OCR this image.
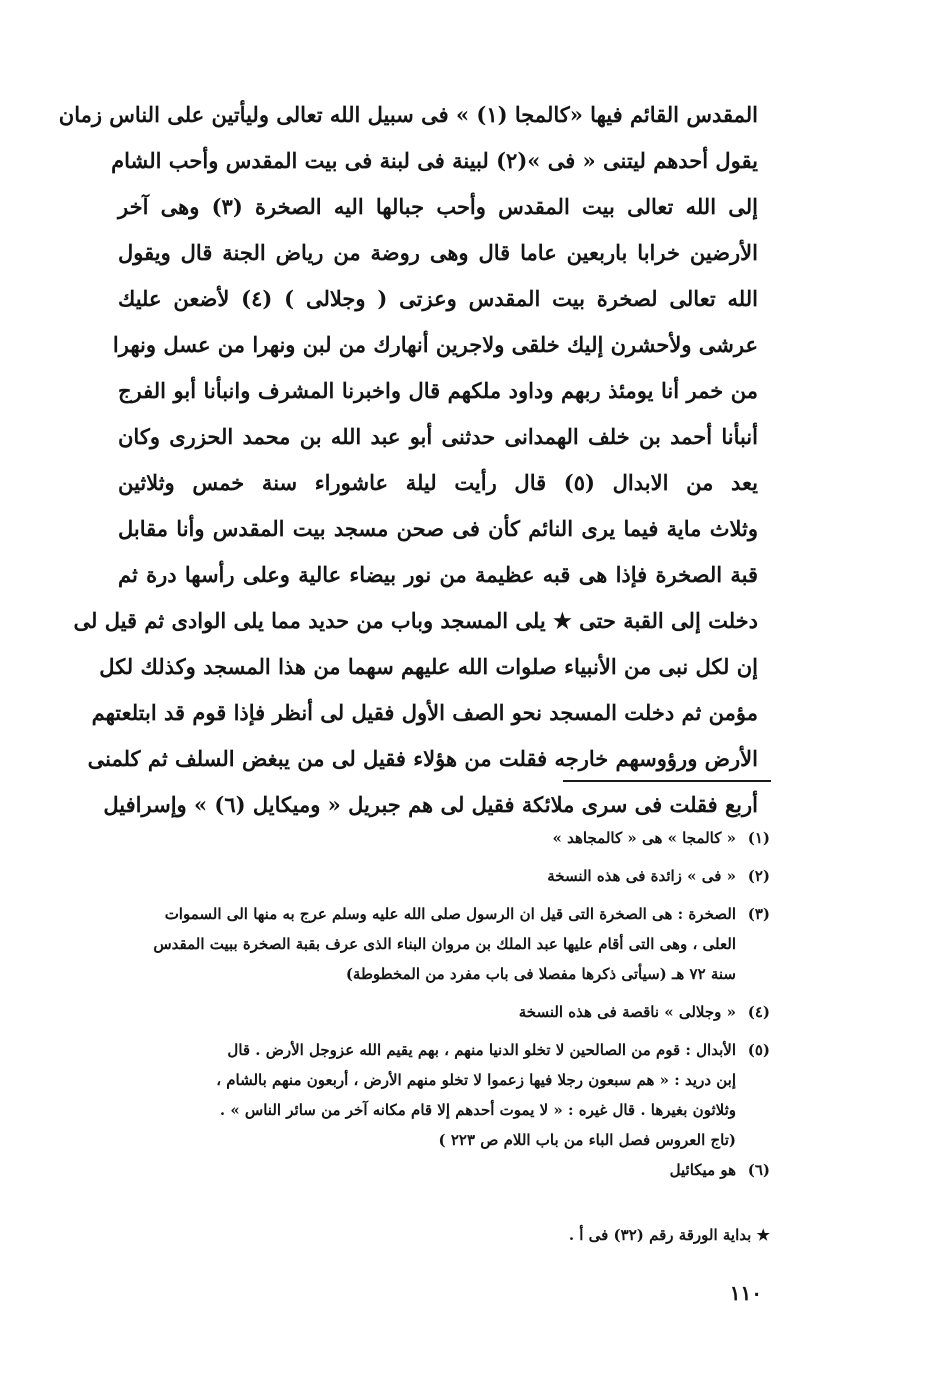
المقدس القائم فيها «كالمجا (١) » فى سبيل الله تعالى وليأتين على الناس زمان
يقول أحدهم ليتنى « فى »(٢) لبينة فى لبنة فى بيت المقدس وأحب الشام
إلى الله تعالى بيت المقدس وأحب جبالها اليه الصخرة (٣) وهى آخر
الأرضين خرابا باربعين عاما قال وهى روضة من رياض الجنة قال ويقول
الله تعالى لصخرة بيت المقدس وعزتى ( وجلالى ) (٤) لأضعن عليك
عرشى ولأحشرن إليك خلقى ولاجرين أنهارك من لبن ونهرا من عسل ونهرا
من خمر أنا يومئذ ربهم وداود ملكهم قال واخبرنا المشرف وانبأنا أبو الفرج
أنبأنا أحمد بن خلف الهمدانى حدثنى أبو عبد الله بن محمد الحزرى وكان
يعد من الابدال (٥) قال رأيت ليلة عاشوراء سنة خمس وثلاثين
وثلاث ماية فيما يرى النائم كأن فى صحن مسجد بيت المقدس وأنا مقابل
قبة الصخرة فإذا هى قبه عظيمة من نور بيضاء عالية وعلى رأسها درة ثم
دخلت إلى القبة حتى ★ يلى المسجد وباب من حديد مما يلى الوادى ثم قيل لى
إن لكل نبى من الأنبياء صلوات الله عليهم سهما من هذا المسجد وكذلك لكل
مؤمن ثم دخلت المسجد نحو الصف الأول فقيل لى أنظر فإذا قوم قد ابتلعتهم
الأرض ورؤوسهم خارجه فقلت من هؤلاء فقيل لى من يبغض السلف ثم كلمنى
أربع فقلت فى سرى ملائكة فقيل لى هم جبريل « وميكايل (٦) » وإسرافيل
(١)
« كالمجا » هى « كالمجاهد »
(٢)
« فى » زائدة فى هذه النسخة
(٣)
الصخرة : هى الصخرة التى قيل ان الرسول صلى الله عليه وسلم عرج به منها الى السموات
العلى ، وهى التى أقام عليها عبد الملك بن مروان البناء الذى عرف بقبة الصخرة ببيت المقدس
سنة ٧٢ هـ (سيأتى ذكرها مفصلا فى باب مفرد من المخطوطة)
(٤)
« وجلالى » ناقصة فى هذه النسخة
(٥)
الأبدال : قوم من الصالحين لا تخلو الدنيا منهم ، بهم يقيم الله عزوجل الأرض . قال
إبن دريد : « هم سبعون رجلا فيها زعموا لا تخلو منهم الأرض ، أربعون منهم بالشام ،
وثلاثون بغيرها . قال غيره : « لا يموت أحدهم إلا قام مكانه آخر من سائر الناس » .
(تاج العروس فصل الباء من باب اللام ص ٢٢٣ )
(٦)
هو ميكائيل
★ بداية الورقة رقم (٣٢) فى أ .
١١٠
